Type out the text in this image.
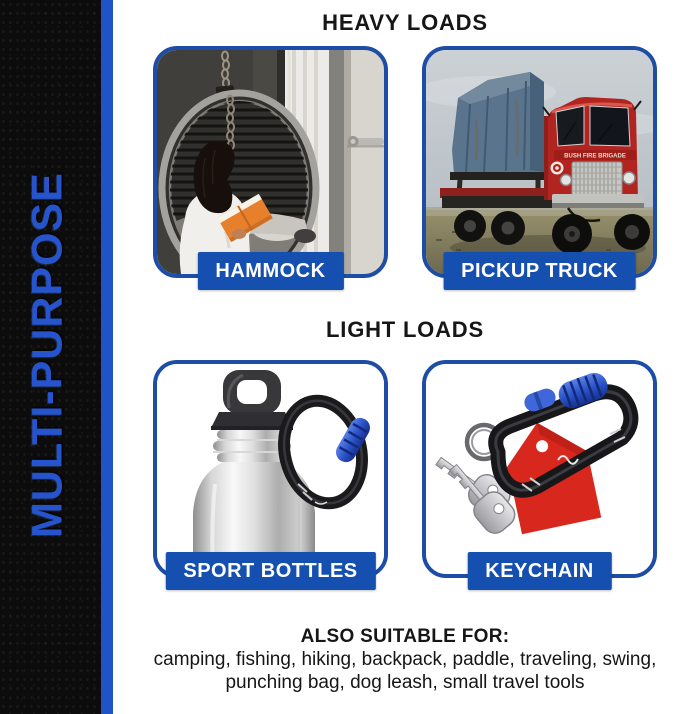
MULTI-PURPOSE
HEAVY LOADS
HAMMOCK
BUSH FIRE BRIGADE
PICKUP TRUCK
LIGHT LOADS
SPORT BOTTLES	KEYCHAIN
ALSO SUITABLE FOR:
camping, fishing, hiking, backpack, paddle, traveling, swing,
punching bag, dog leash, small travel tools
